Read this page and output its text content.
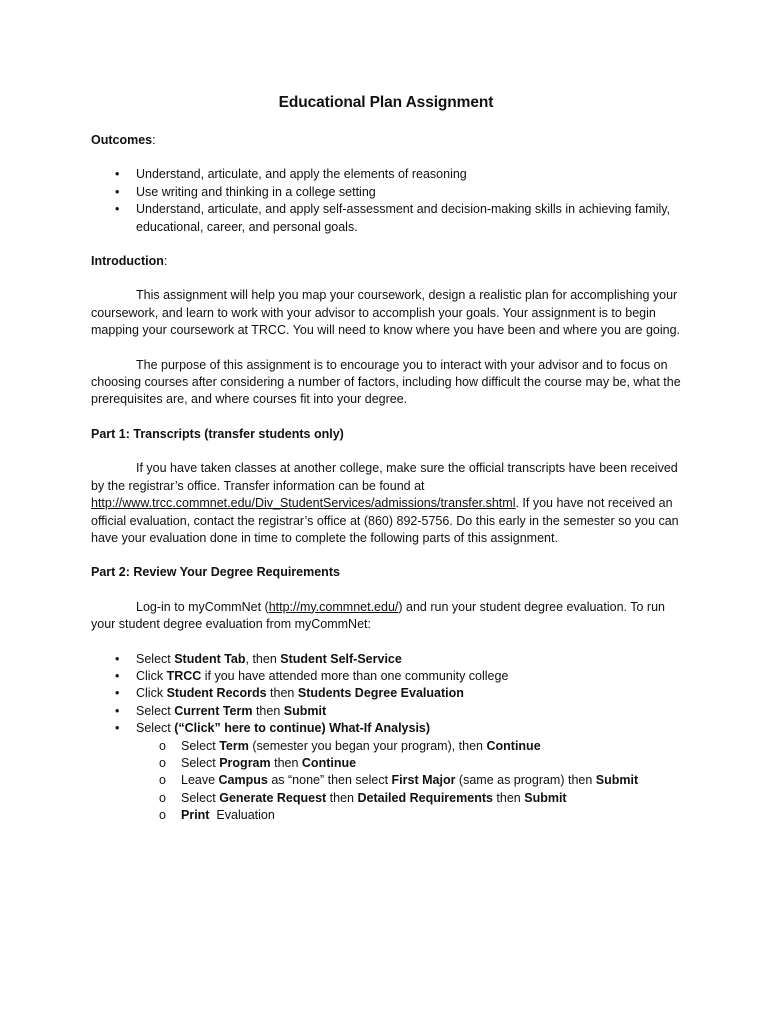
Educational Plan Assignment

Outcomes:

• Understand, articulate, and apply the elements of reasoning
• Use writing and thinking in a college setting
• Understand, articulate, and apply self-assessment and decision-making skills in achieving family, educational, career, and personal goals.

Introduction:

This assignment will help you map your coursework, design a realistic plan for accomplishing your coursework, and learn to work with your advisor to accomplish your goals. Your assignment is to begin mapping your coursework at TRCC. You will need to know where you have been and where you are going.

The purpose of this assignment is to encourage you to interact with your advisor and to focus on choosing courses after considering a number of factors, including how difficult the course may be, what the prerequisites are, and where courses fit into your degree.

Part 1: Transcripts (transfer students only)

If you have taken classes at another college, make sure the official transcripts have been received by the registrar’s office. Transfer information can be found at http://www.trcc.commnet.edu/Div_StudentServices/admissions/transfer.shtml. If you have not received an official evaluation, contact the registrar’s office at (860) 892-5756. Do this early in the semester so you can have your evaluation done in time to complete the following parts of this assignment.

Part 2: Review Your Degree Requirements

Log-in to myCommNet (http://my.commnet.edu/) and run your student degree evaluation. To run your student degree evaluation from myCommNet:

• Select Student Tab, then Student Self-Service
• Click TRCC if you have attended more than one community college
• Click Student Records then Students Degree Evaluation
• Select Current Term then Submit
• Select (“Click” here to continue) What-If Analysis)
o Select Term (semester you began your program), then Continue
o Select Program then Continue
o Leave Campus as “none” then select First Major (same as program) then Submit
o Select Generate Request then Detailed Requirements then Submit
o Print  Evaluation
